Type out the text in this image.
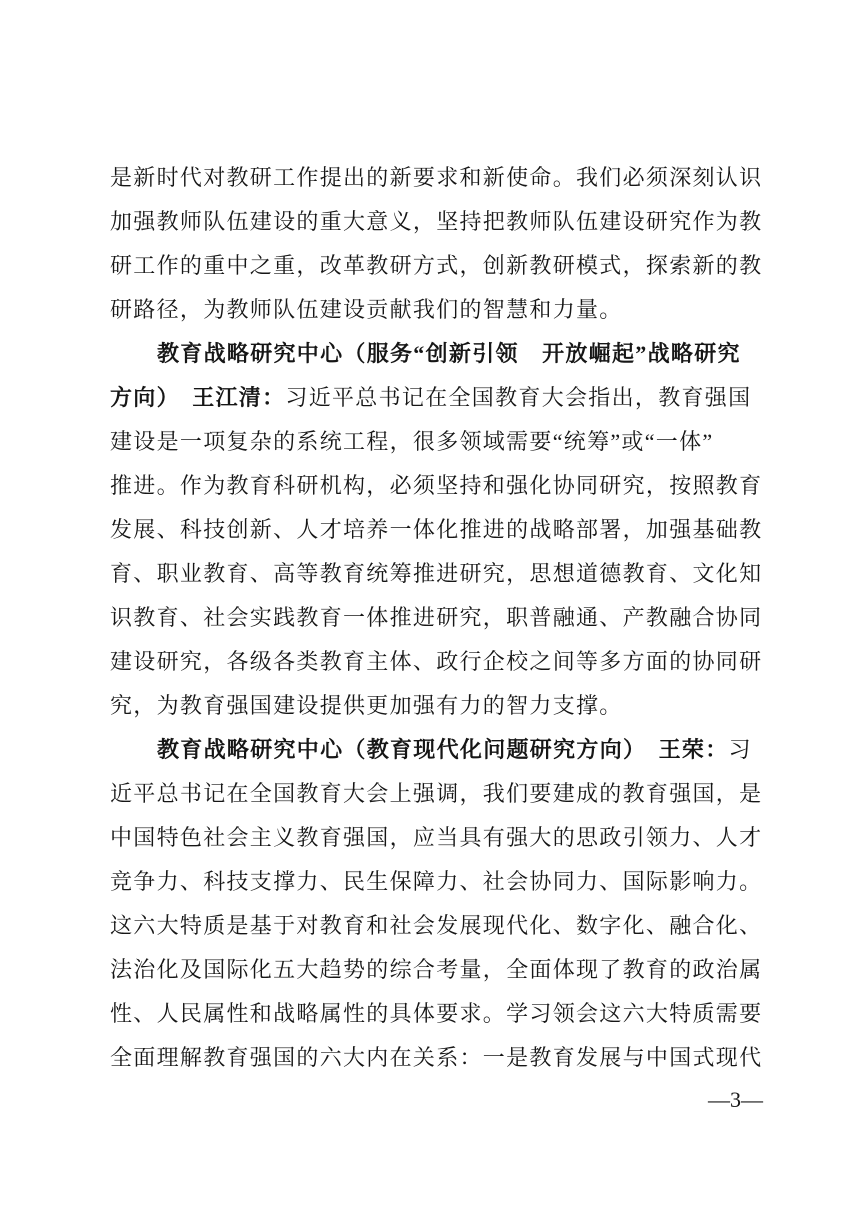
是新时代对教研工作提出的新要求和新使命。我们必须深刻认识
加强教师队伍建设的重大意义，坚持把教师队伍建设研究作为教
研工作的重中之重，改革教研方式，创新教研模式，探索新的教
研路径，为教师队伍建设贡献我们的智慧和力量。
教育战略研究中心（服务“创新引领　开放崛起”战略研究
方向）　王江清：习近平总书记在全国教育大会指出，教育强国
建设是一项复杂的系统工程，很多领域需要“统筹”或“一体”
推进。作为教育科研机构，必须坚持和强化协同研究，按照教育
发展、科技创新、人才培养一体化推进的战略部署，加强基础教
育、职业教育、高等教育统筹推进研究，思想道德教育、文化知
识教育、社会实践教育一体推进研究，职普融通、产教融合协同
建设研究，各级各类教育主体、政行企校之间等多方面的协同研
究，为教育强国建设提供更加强有力的智力支撑。
教育战略研究中心（教育现代化问题研究方向）　王荣：习
近平总书记在全国教育大会上强调，我们要建成的教育强国，是
中国特色社会主义教育强国，应当具有强大的思政引领力、人才
竞争力、科技支撑力、民生保障力、社会协同力、国际影响力。
这六大特质是基于对教育和社会发展现代化、数字化、融合化、
法治化及国际化五大趋势的综合考量，全面体现了教育的政治属
性、人民属性和战略属性的具体要求。学习领会这六大特质需要
全面理解教育强国的六大内在关系：一是教育发展与中国式现代
—3—
